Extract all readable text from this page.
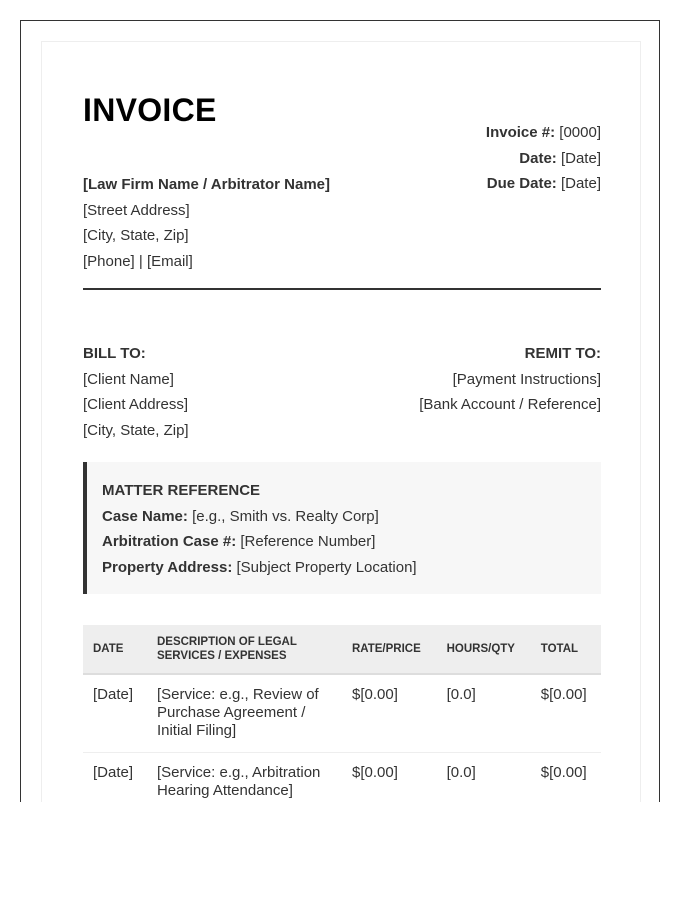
INVOICE
[Law Firm Name / Arbitrator Name]
[Street Address]
[City, State, Zip]
[Phone] | [Email]
Invoice #: [0000]
Date: [Date]
Due Date: [Date]
BILL TO:
[Client Name]
[Client Address]
[City, State, Zip]
REMIT TO:
[Payment Instructions]
[Bank Account / Reference]
MATTER REFERENCE
Case Name: [e.g., Smith vs. Realty Corp]
Arbitration Case #: [Reference Number]
Property Address: [Subject Property Location]
DATE	DESCRIPTION OF LEGAL SERVICES / EXPENSES	RATE/PRICE	HOURS/QTY	TOTAL
[Date]	[Service: e.g., Review of Purchase Agreement / Initial Filing]	$[0.00]	[0.0]	$[0.00]
[Date]	[Service: e.g., Arbitration Hearing Attendance]	$[0.00]	[0.0]	$[0.00]
